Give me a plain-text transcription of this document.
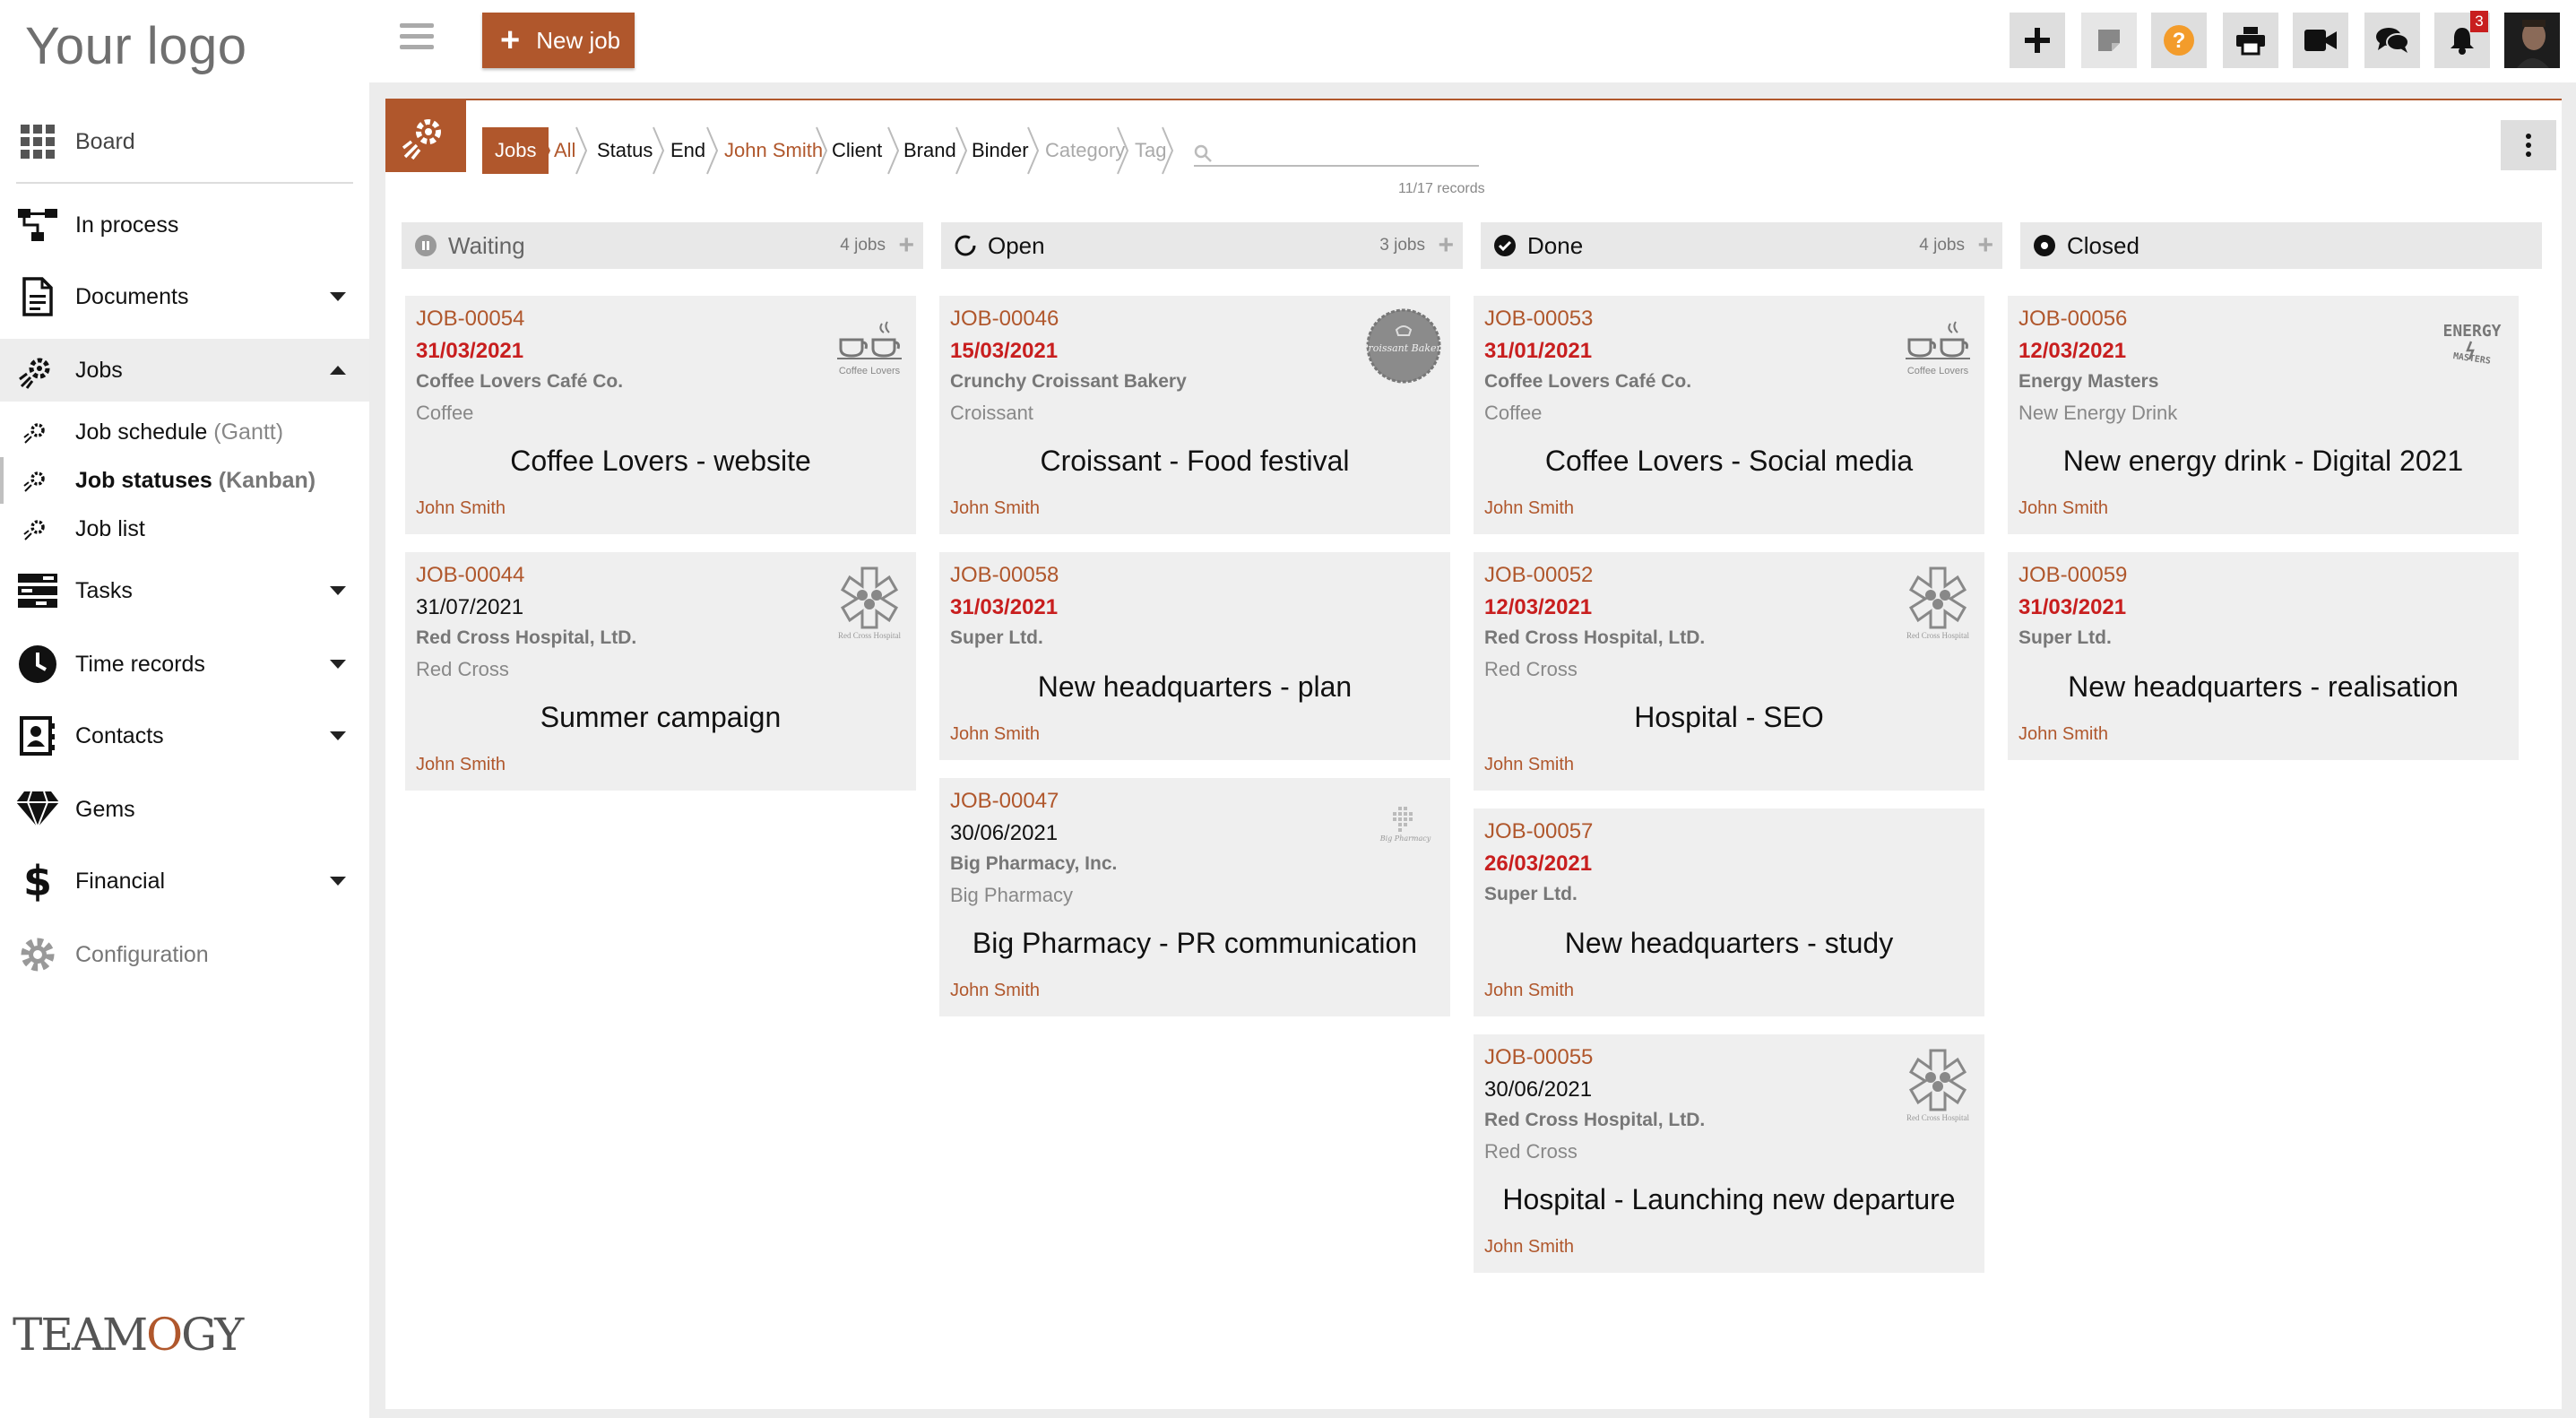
Your logo
Board
In process
Documents
Jobs
Job schedule (Gantt)
Job statuses (Kanban)
Job list
Tasks
Time records
Contacts
Gems
$ Financial
Configuration
TEAMOGY
+ New job	?
3
Jobs All Status End John Smith Client Brand Binder Category Tag
11/17 records
Waiting	4 jobs +	Open	3 jobs +	Done	4 jobs +	Closed
JOB-00054
31/03/2021
Coffee Lovers Café Co.
Coffee
Coffee Lovers - website
John Smith
Coffee Lovers
JOB-00044
31/07/2021
Red Cross Hospital, LtD.
Red Cross
Summer campaign
John Smith
Red Cross Hospital
JOB-00046
15/03/2021
Crunchy Croissant Bakery
Croissant
Croissant - Food festival
John Smith
Croissant Bakery
JOB-00058
31/03/2021
Super Ltd.
New headquarters - plan
John Smith
JOB-00047
30/06/2021
Big Pharmacy, Inc.
Big Pharmacy
Big Pharmacy - PR communication
John Smith
Big Pharmacy
JOB-00053
31/01/2021
Coffee Lovers Café Co.
Coffee
Coffee Lovers - Social media
John Smith
Coffee Lovers
JOB-00052
12/03/2021
Red Cross Hospital, LtD.
Red Cross
Hospital - SEO
John Smith
Red Cross Hospital
JOB-00057
26/03/2021
Super Ltd.
New headquarters - study
John Smith
JOB-00055
30/06/2021
Red Cross Hospital, LtD.
Red Cross
Hospital - Launching new departure
John Smith
Red Cross Hospital
JOB-00056
12/03/2021
Energy Masters
New Energy Drink
New energy drink - Digital 2021
John Smith
ENERGY
MASTERS
JOB-00059
31/03/2021
Super Ltd.
New headquarters - realisation
John Smith
